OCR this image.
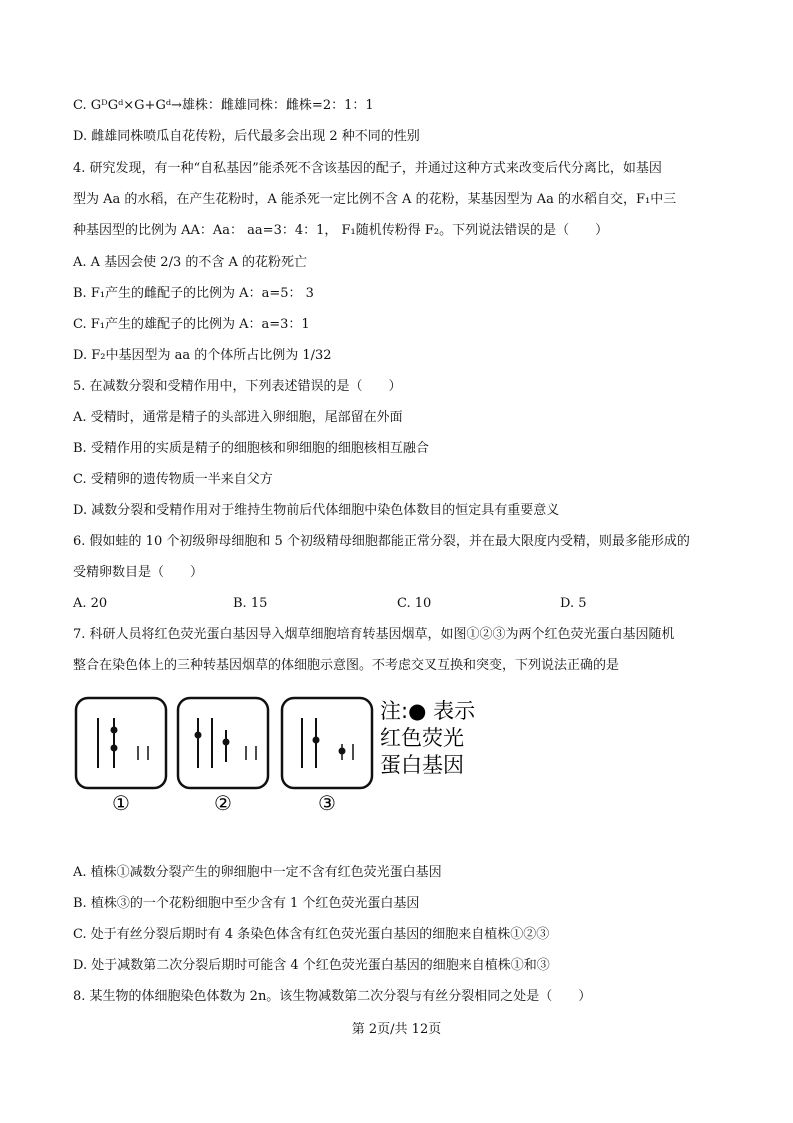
C. GᴰGᵈ×G+Gᵈ→雄株：雌雄同株：雌株=2：1：1
D. 雌雄同株喷瓜自花传粉，后代最多会出现 2 种不同的性别
4. 研究发现，有一种“自私基因”能杀死不含该基因的配子，并通过这种方式来改变后代分离比，如基因
型为 Aa 的水稻，在产生花粉时，A 能杀死一定比例不含 A 的花粉，某基因型为 Aa 的水稻自交，F₁中三
种基因型的比例为 AA：Aa： aa=3：4：1， F₁随机传粉得 F₂。下列说法错误的是（　　）
A. A 基因会使 2/3 的不含 A 的花粉死亡
B. F₁产生的雌配子的比例为 A：a=5： 3
C. F₁产生的雄配子的比例为 A：a=3：1
D. F₂中基因型为 aa 的个体所占比例为 1/32
5. 在减数分裂和受精作用中，下列表述错误的是（　　）
A. 受精时，通常是精子的头部进入卵细胞，尾部留在外面
B. 受精作用的实质是精子的细胞核和卵细胞的细胞核相互融合
C. 受精卵的遗传物质一半来自父方
D. 减数分裂和受精作用对于维持生物前后代体细胞中染色体数目的恒定具有重要意义
6. 假如蛙的 10 个初级卵母细胞和 5 个初级精母细胞都能正常分裂，并在最大限度内受精，则最多能形成的
受精卵数目是（　　）
A. 20	B. 15	C. 10	D. 5
7. 科研人员将红色荧光蛋白基因导入烟草细胞培育转基因烟草，如图①②③为两个红色荧光蛋白基因随机
整合在染色体上的三种转基因烟草的体细胞示意图。不考虑交叉互换和突变，下列说法正确的是
①	②	③
注:● 表示
红色荧光
蛋白基因
A. 植株①减数分裂产生的卵细胞中一定不含有红色荧光蛋白基因
B. 植株③的一个花粉细胞中至少含有 1 个红色荧光蛋白基因
C. 处于有丝分裂后期时有 4 条染色体含有红色荧光蛋白基因的细胞来自植株①②③
D. 处于减数第二次分裂后期时可能含 4 个红色荧光蛋白基因的细胞来自植株①和③
8. 某生物的体细胞染色体数为 2n。该生物减数第二次分裂与有丝分裂相同之处是（　　）
第 2页/共 12页
